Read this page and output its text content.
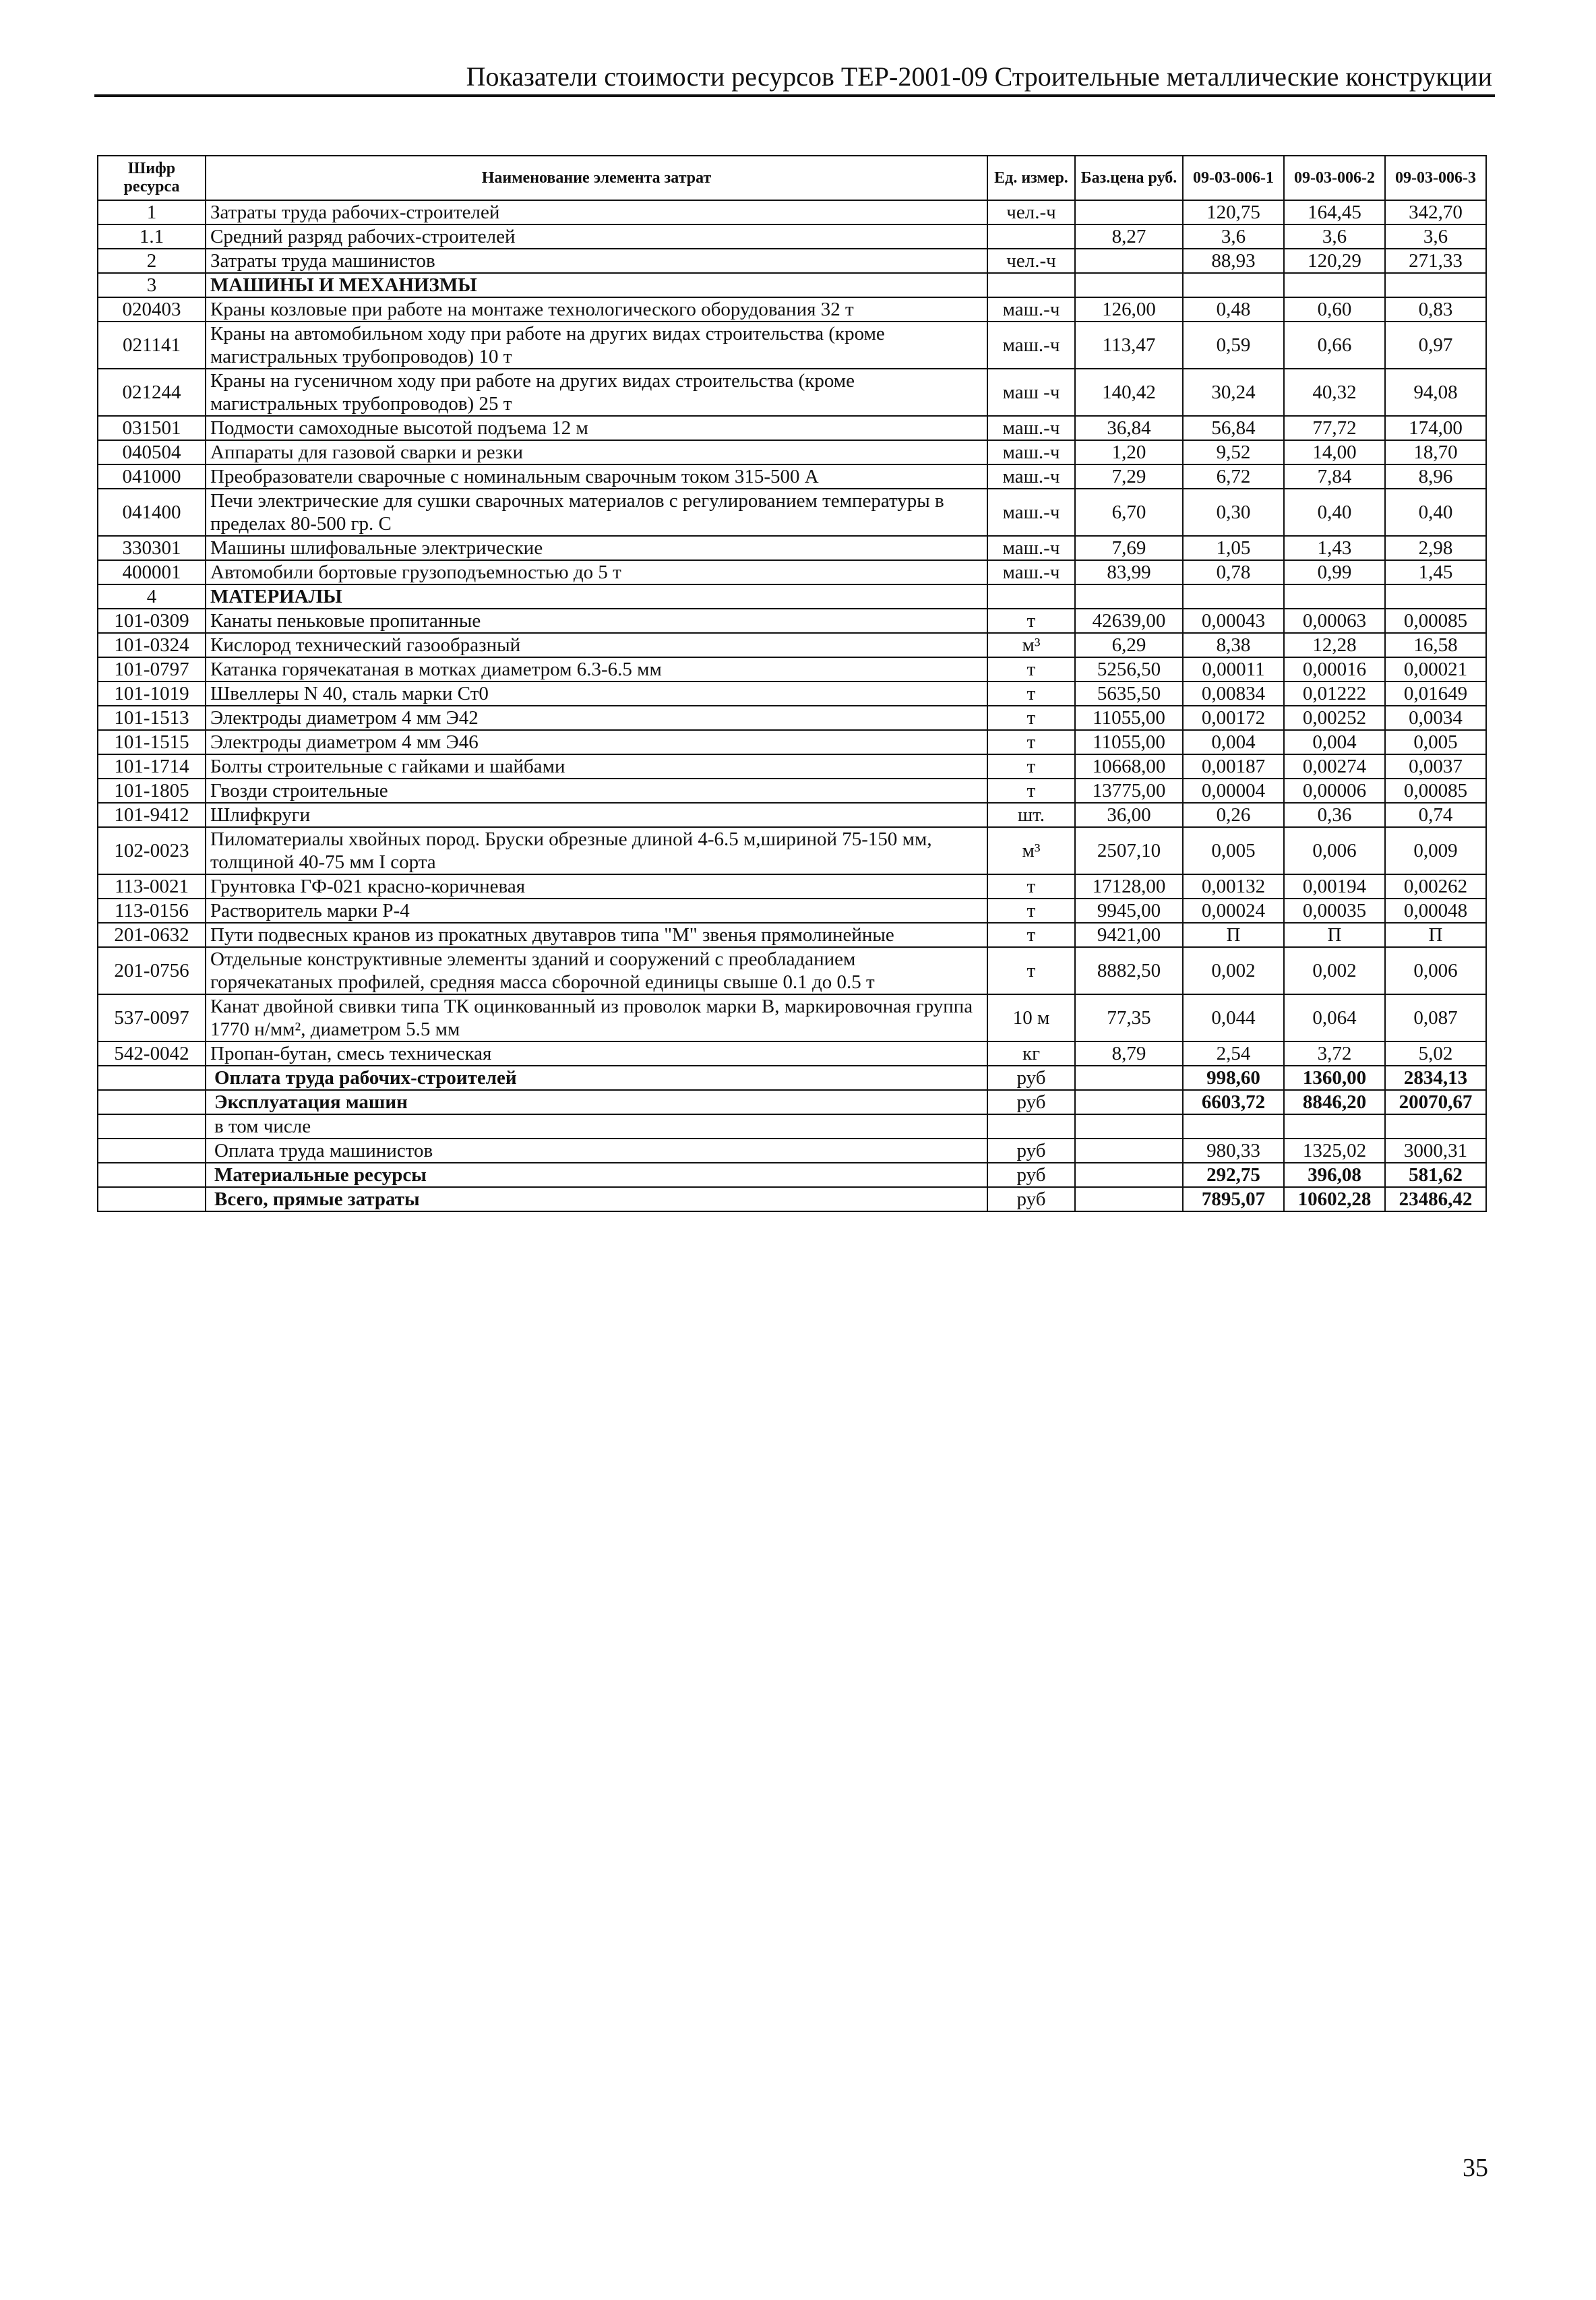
Показатели стоимости ресурсов ТЕР-2001-09 Строительные металлические конструкции
Шифр ресурса	Наименование элемента затрат	Ед. измер.	Баз.цена руб.	09-03-006-1	09-03-006-2	09-03-006-3
1	Затраты труда рабочих-строителей	чел.-ч		120,75	164,45	342,70
1.1	Средний разряд рабочих-строителей		8,27	3,6	3,6	3,6
2	Затраты труда машинистов	чел.-ч		88,93	120,29	271,33
3	МАШИНЫ И МЕХАНИЗМЫ					
020403	Краны козловые при работе на монтаже технологического оборудования 32 т	маш.-ч	126,00	0,48	0,60	0,83
021141	Краны на автомобильном ходу при работе на других видах строительства (кроме магистральных трубопроводов) 10 т	маш.-ч	113,47	0,59	0,66	0,97
021244	Краны на гусеничном ходу при работе на других видах строительства (кроме магистральных трубопроводов) 25 т	маш -ч	140,42	30,24	40,32	94,08
031501	Подмости самоходные высотой подъема 12 м	маш.-ч	36,84	56,84	77,72	174,00
040504	Аппараты для газовой сварки и резки	маш.-ч	1,20	9,52	14,00	18,70
041000	Преобразователи сварочные с номинальным сварочным током 315-500 А	маш.-ч	7,29	6,72	7,84	8,96
041400	Печи электрические для сушки сварочных материалов с регулированием температуры в пределах 80-500 гр. С	маш.-ч	6,70	0,30	0,40	0,40
330301	Машины шлифовальные электрические	маш.-ч	7,69	1,05	1,43	2,98
400001	Автомобили бортовые грузоподъемностью до 5 т	маш.-ч	83,99	0,78	0,99	1,45
4	МАТЕРИАЛЫ					
101-0309	Канаты пеньковые пропитанные	т	42639,00	0,00043	0,00063	0,00085
101-0324	Кислород технический газообразный	м³	6,29	8,38	12,28	16,58
101-0797	Катанка горячекатаная в мотках диаметром 6.3-6.5 мм	т	5256,50	0,00011	0,00016	0,00021
101-1019	Швеллеры N 40, сталь марки Ст0	т	5635,50	0,00834	0,01222	0,01649
101-1513	Электроды диаметром 4 мм Э42	т	11055,00	0,00172	0,00252	0,0034
101-1515	Электроды диаметром 4 мм Э46	т	11055,00	0,004	0,004	0,005
101-1714	Болты строительные с гайками и шайбами	т	10668,00	0,00187	0,00274	0,0037
101-1805	Гвозди строительные	т	13775,00	0,00004	0,00006	0,00085
101-9412	Шлифкруги	шт.	36,00	0,26	0,36	0,74
102-0023	Пиломатериалы хвойных пород. Бруски обрезные длиной 4-6.5 м,шириной 75-150 мм, толщиной 40-75 мм I сорта	м³	2507,10	0,005	0,006	0,009
113-0021	Грунтовка ГФ-021 красно-коричневая	т	17128,00	0,00132	0,00194	0,00262
113-0156	Растворитель марки Р-4	т	9945,00	0,00024	0,00035	0,00048
201-0632	Пути подвесных кранов из прокатных двутавров типа "М" звенья прямолинейные	т	9421,00	П	П	П
201-0756	Отдельные конструктивные элементы зданий и сооружений с преобладанием горячекатаных профилей, средняя масса сборочной единицы свыше 0.1 до 0.5 т	т	8882,50	0,002	0,002	0,006
537-0097	Канат двойной свивки типа ТК оцинкованный из проволок марки В, маркировочная группа 1770 н/мм², диаметром 5.5 мм	10 м	77,35	0,044	0,064	0,087
542-0042	Пропан-бутан, смесь техническая	кг	8,79	2,54	3,72	5,02
	Оплата труда рабочих-строителей	руб		998,60	1360,00	2834,13
	Эксплуатация машин	руб		6603,72	8846,20	20070,67
	в том числе					
	Оплата труда машинистов	руб		980,33	1325,02	3000,31
	Материальные ресурсы	руб		292,75	396,08	581,62
	Всего, прямые затраты	руб		7895,07	10602,28	23486,42
35
